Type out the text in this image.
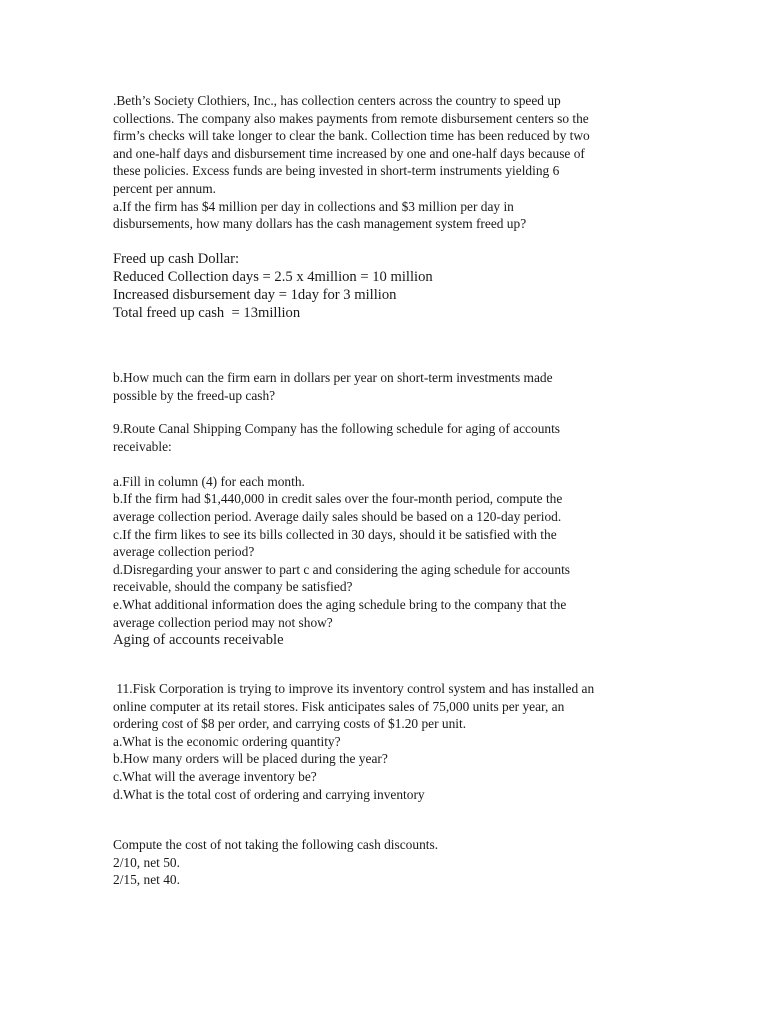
.Beth’s Society Clothiers, Inc., has collection centers across the country to speed up
collections. The company also makes payments from remote disbursement centers so the
firm’s checks will take longer to clear the bank. Collection time has been reduced by two
and one-half days and disbursement time increased by one and one-half days because of
these policies. Excess funds are being invested in short-term instruments yielding 6
percent per annum.
a.If the firm has $4 million per day in collections and $3 million per day in
disbursements, how many dollars has the cash management system freed up?
Freed up cash Dollar:
Reduced Collection days = 2.5 x 4million = 10 million
Increased disbursement day = 1day for 3 million
Total freed up cash  = 13million
b.How much can the firm earn in dollars per year on short-term investments made
possible by the freed-up cash?
9.Route Canal Shipping Company has the following schedule for aging of accounts
receivable:
a.Fill in column (4) for each month.
b.If the firm had $1,440,000 in credit sales over the four-month period, compute the
average collection period. Average daily sales should be based on a 120-day period.
c.If the firm likes to see its bills collected in 30 days, should it be satisfied with the
average collection period?
d.Disregarding your answer to part c and considering the aging schedule for accounts
receivable, should the company be satisfied?
e.What additional information does the aging schedule bring to the company that the
average collection period may not show?
Aging of accounts receivable
11.Fisk Corporation is trying to improve its inventory control system and has installed an
online computer at its retail stores. Fisk anticipates sales of 75,000 units per year, an
ordering cost of $8 per order, and carrying costs of $1.20 per unit.
a.What is the economic ordering quantity?
b.How many orders will be placed during the year?
c.What will the average inventory be?
d.What is the total cost of ordering and carrying inventory
Compute the cost of not taking the following cash discounts.
2/10, net 50.
2/15, net 40.
